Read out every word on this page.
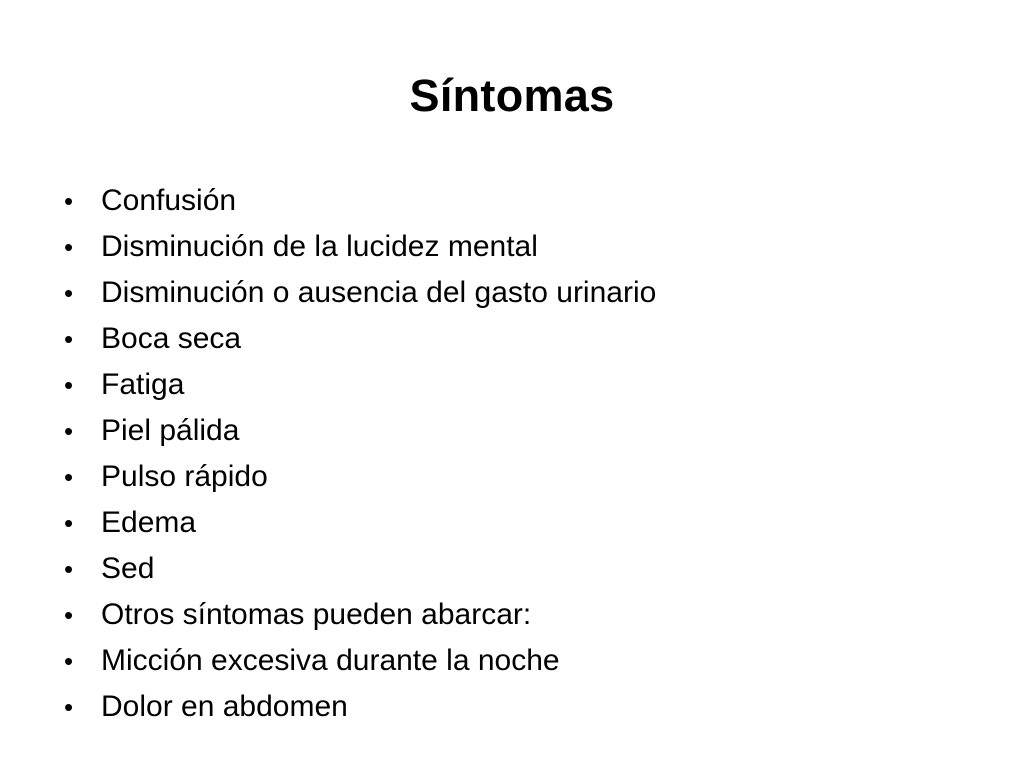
Síntomas
• Confusión
• Disminución de la lucidez mental
• Disminución o ausencia del gasto urinario
• Boca seca
• Fatiga
• Piel pálida
• Pulso rápido
• Edema
• Sed
• Otros síntomas pueden abarcar:
• Micción excesiva durante la noche
• Dolor en abdomen
